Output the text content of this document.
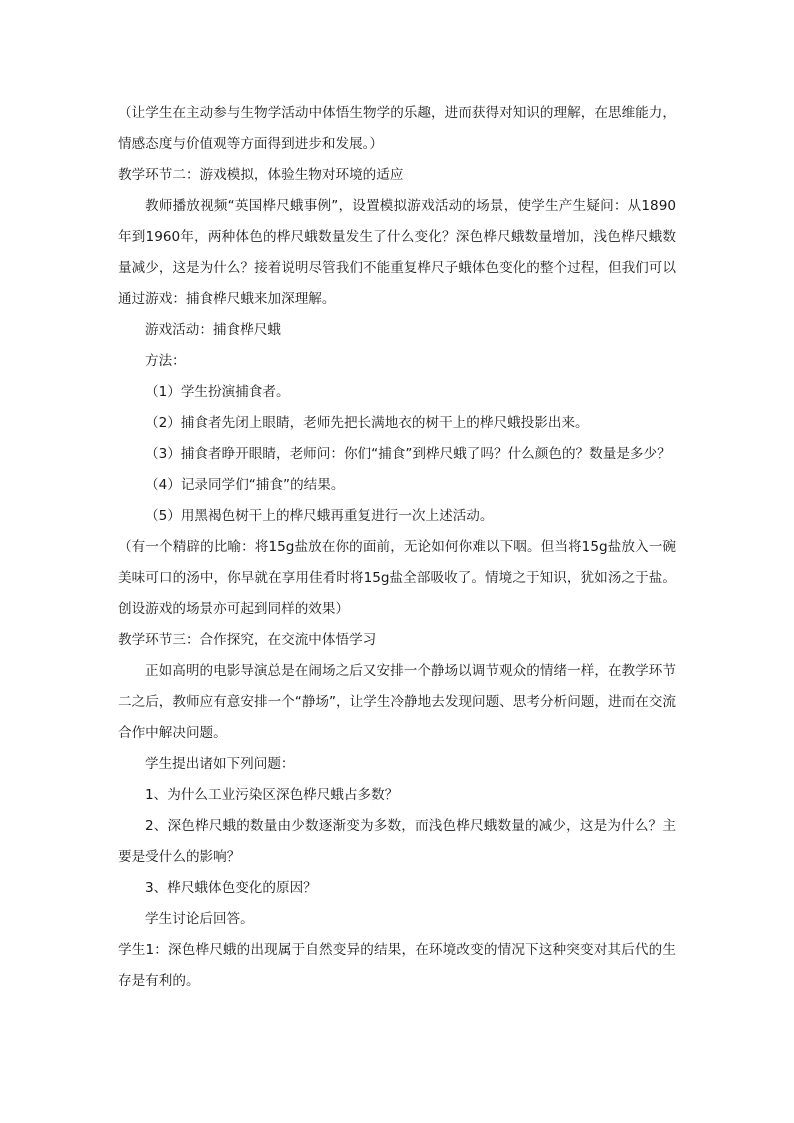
（让学生在主动参与生物学活动中体悟生物学的乐趣，进而获得对知识的理解，在思维能力，情感态度与价值观等方面得到进步和发展。）

教学环节二：游戏模拟，体验生物对环境的适应

教师播放视频“英国桦尺蛾事例”，设置模拟游戏活动的场景，使学生产生疑问：从1890年到1960年，两种体色的桦尺蛾数量发生了什么变化？深色桦尺蛾数量增加，浅色桦尺蛾数量减少，这是为什么？接着说明尽管我们不能重复桦尺子蛾体色变化的整个过程，但我们可以通过游戏：捕食桦尺蛾来加深理解。

游戏活动：捕食桦尺蛾

方法：

（1）学生扮演捕食者。

（2）捕食者先闭上眼睛，老师先把长满地衣的树干上的桦尺蛾投影出来。

（3）捕食者睁开眼睛，老师问：你们“捕食”到桦尺蛾了吗？什么颜色的？数量是多少？

（4）记录同学们“捕食”的结果。

（5）用黑褐色树干上的桦尺蛾再重复进行一次上述活动。

（有一个精辟的比喻：将15g盐放在你的面前，无论如何你难以下咽。但当将15g盐放入一碗美味可口的汤中，你早就在享用佳肴时将15g盐全部吸收了。情境之于知识，犹如汤之于盐。创设游戏的场景亦可起到同样的效果）

教学环节三：合作探究，在交流中体悟学习

正如高明的电影导演总是在闹场之后又安排一个静场以调节观众的情绪一样，在教学环节二之后，教师应有意安排一个“静场”，让学生冷静地去发现问题、思考分析问题，进而在交流合作中解决问题。

学生提出诸如下列问题：

1、为什么工业污染区深色桦尺蛾占多数？

2、深色桦尺蛾的数量由少数逐渐变为多数，而浅色桦尺蛾数量的减少，这是为什么？主要是受什么的影响？

3、桦尺蛾体色变化的原因？

学生讨论后回答。

学生1：深色桦尺蛾的出现属于自然变异的结果，在环境改变的情况下这种突变对其后代的生存是有利的。
